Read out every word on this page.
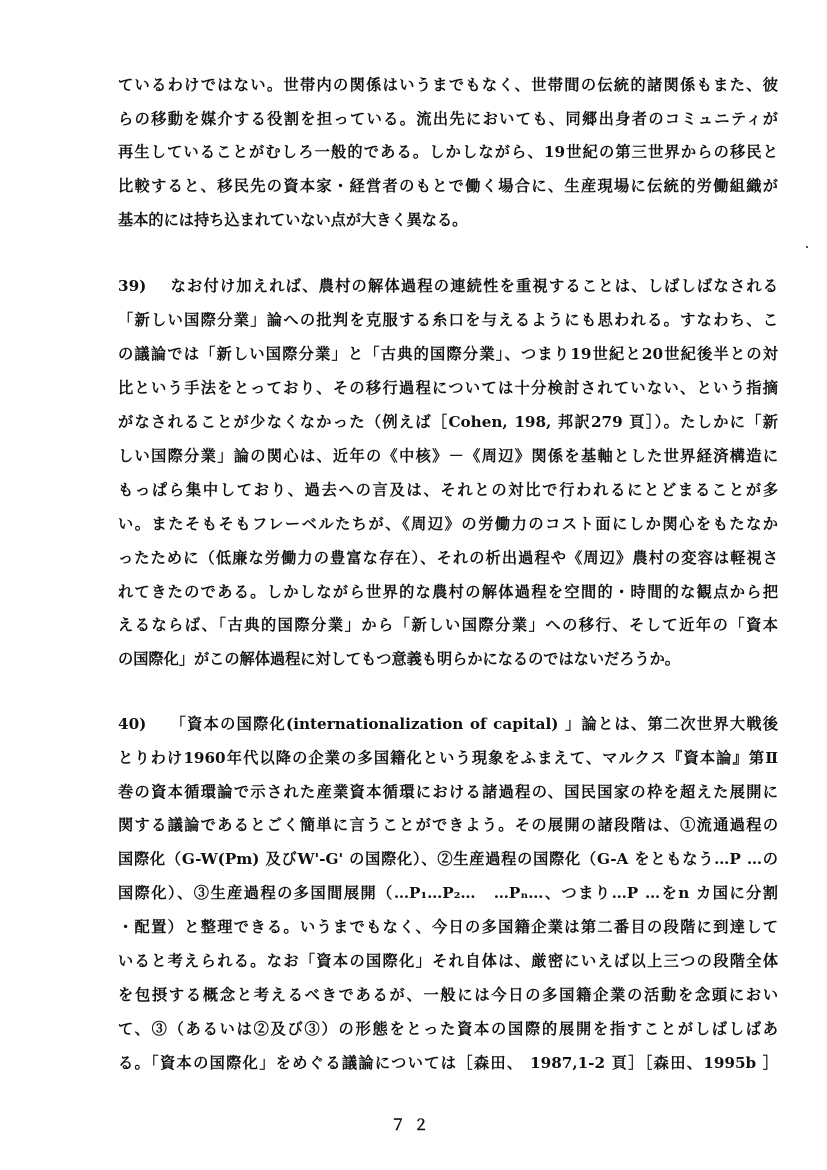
ているわけではない。世帯内の関係はいうまでもなく、世帯間の伝統的諸関係もまた、彼
らの移動を媒介する役割を担っている。流出先においても、同郷出身者のコミュニティが
再生していることがむしろ一般的である。しかしながら、19世紀の第三世界からの移民と
比較すると、移民先の資本家・経営者のもとで働く場合に、生産現場に伝統的労働組織が
基本的には持ち込まれていない点が大きく異なる。
39)　 なお付け加えれば、農村の解体過程の連続性を重視することは、しばしばなされる
「新しい国際分業」論への批判を克服する糸口を与えるようにも思われる。すなわち、こ
の議論では「新しい国際分業」と「古典的国際分業」、つまり19世紀と20世紀後半との対
比という手法をとっており、その移行過程については十分検討されていない、という指摘
がなされることが少なくなかった（例えば［Cohen, 198, 邦訳279 頁］）。たしかに「新
しい国際分業」論の関心は、近年の《中核》－《周辺》関係を基軸とした世界経済構造に
もっぱら集中しており、過去への言及は、それとの対比で行われるにとどまることが多
い。またそもそもフレーベルたちが、《周辺》の労働力のコスト面にしか関心をもたなか
ったために（低廉な労働力の豊富な存在）、それの析出過程や《周辺》農村の変容は軽視さ
れてきたのである。しかしながら世界的な農村の解体過程を空間的・時間的な観点から把
えるならば、「古典的国際分業」から「新しい国際分業」への移行、そして近年の「資本
の国際化」がこの解体過程に対してもつ意義も明らかになるのではないだろうか。
40)　 「資本の国際化(internationalization of capital) 」論とは、第二次世界大戦後
とりわけ1960年代以降の企業の多国籍化という現象をふまえて、マルクス『資本論』第Ⅱ
巻の資本循環論で示された産業資本循環における諸過程の、国民国家の枠を超えた展開に
関する議論であるとごく簡単に言うことができよう。その展開の諸段階は、①流通過程の
国際化（G-W(Pm) 及びW'-G' の国際化）、②生産過程の国際化（G-A をともなう…P …の
国際化）、③生産過程の多国間展開（…P₁…P₂…　…Pₙ…、つまり…P …をn カ国に分割
・配置）と整理できる。いうまでもなく、今日の多国籍企業は第二番目の段階に到達して
いると考えられる。なお「資本の国際化」それ自体は、厳密にいえば以上三つの段階全体
を包摂する概念と考えるべきであるが、一般には今日の多国籍企業の活動を念頭におい
て、③（あるいは②及び③）の形態をとった資本の国際的展開を指すことがしばしばあ
る。「資本の国際化」をめぐる議論については［森田、 1987,1-2 頁］［森田、1995b ］
７２
